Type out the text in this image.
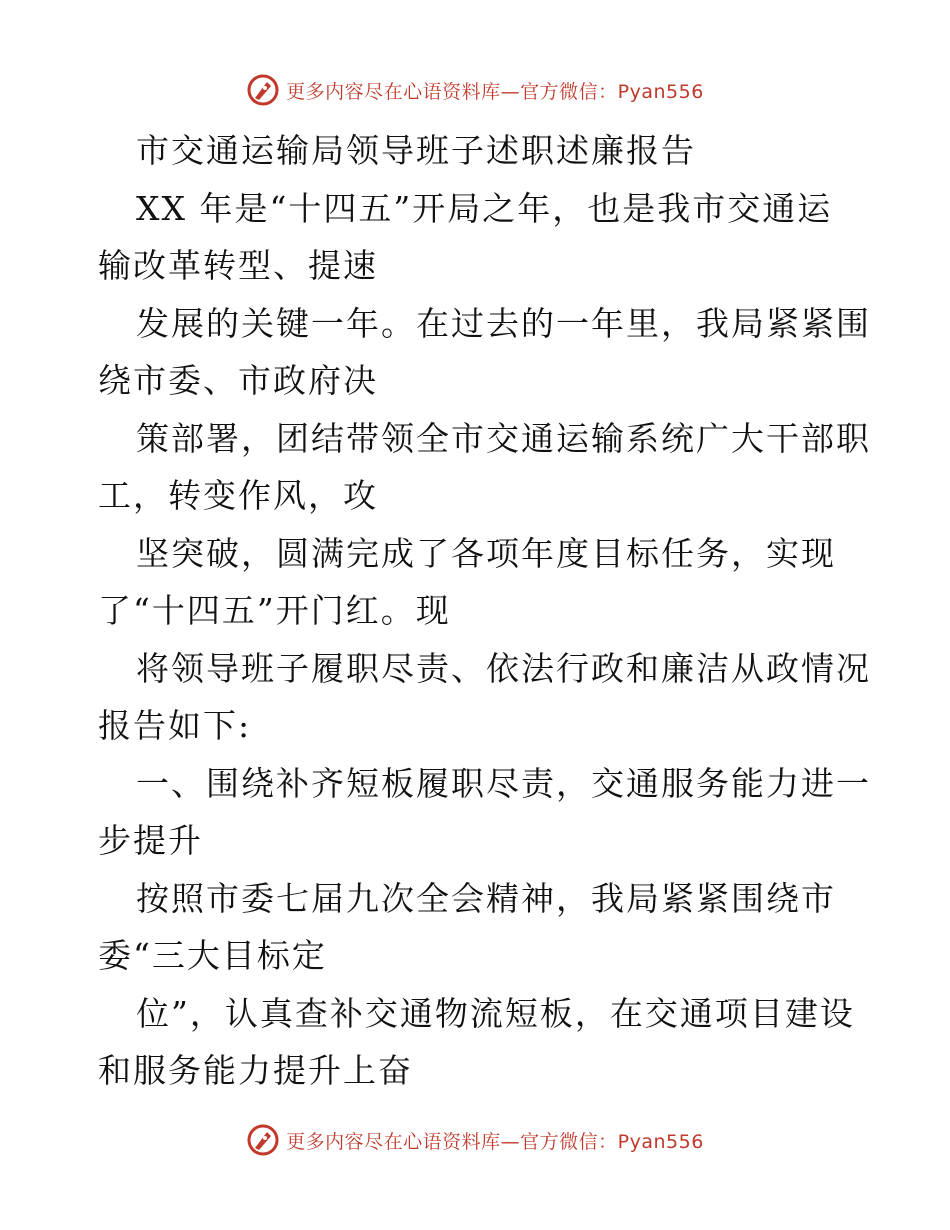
更多内容尽在心语资料库—官方微信：Pyan556
市交通运输局领导班子述职述廉报告
XX 年是“十四五”开局之年，也是我市交通运
输改革转型、提速
发展的关键一年。在过去的一年里，我局紧紧围
绕市委、市政府决
策部署，团结带领全市交通运输系统广大干部职
工，转变作风，攻
坚突破，圆满完成了各项年度目标任务，实现
了“十四五”开门红。现
将领导班子履职尽责、依法行政和廉洁从政情况
报告如下:
一、围绕补齐短板履职尽责，交通服务能力进一
步提升
按照市委七届九次全会精神，我局紧紧围绕市
委“三大目标定
位”，认真查补交通物流短板，在交通项目建设
和服务能力提升上奋
更多内容尽在心语资料库—官方微信：Pyan556
